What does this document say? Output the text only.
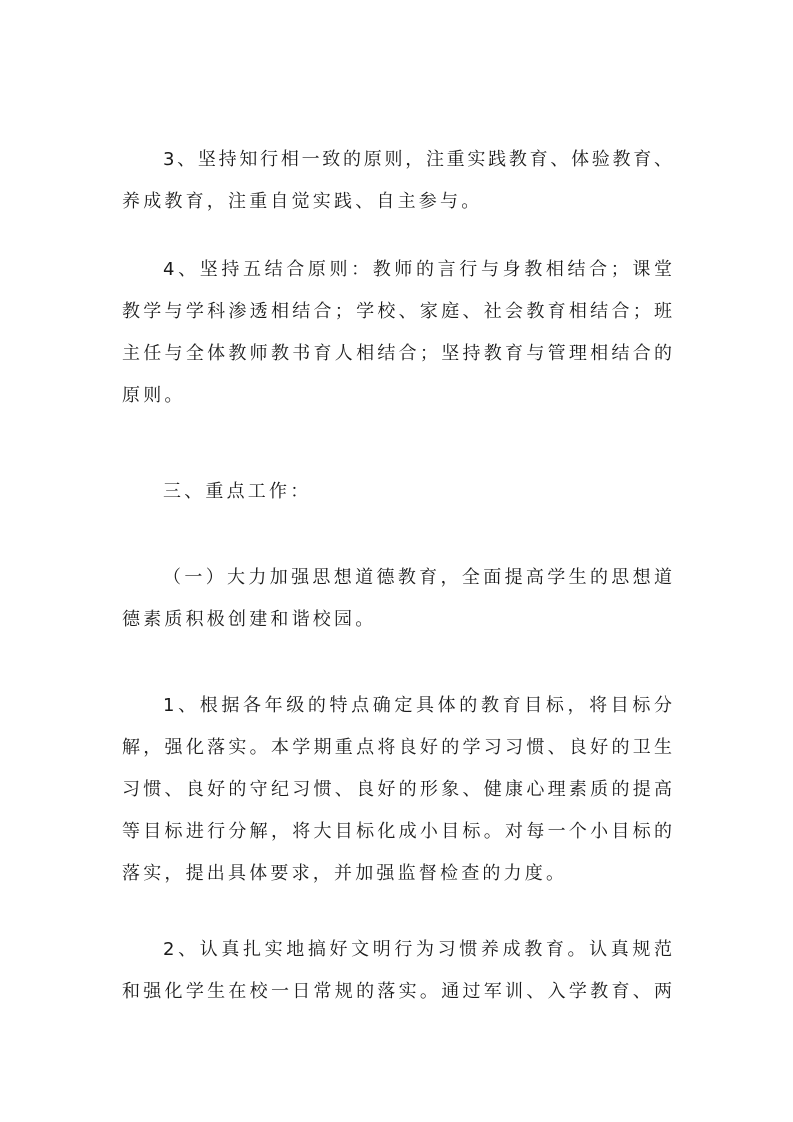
3、坚持知行相一致的原则，注重实践教育、体验教育、
养成教育，注重自觉实践、自主参与。
4、坚持五结合原则：教师的言行与身教相结合；课堂
教学与学科渗透相结合；学校、家庭、社会教育相结合；班
主任与全体教师教书育人相结合；坚持教育与管理相结合的
原则。
三、重点工作：
（一）大力加强思想道德教育，全面提高学生的思想道
德素质积极创建和谐校园。
1、根据各年级的特点确定具体的教育目标，将目标分
解，强化落实。本学期重点将良好的学习习惯、良好的卫生
习惯、良好的守纪习惯、良好的形象、健康心理素质的提高
等目标进行分解，将大目标化成小目标。对每一个小目标的
落实，提出具体要求，并加强监督检查的力度。
2、认真扎实地搞好文明行为习惯养成教育。认真规范
和强化学生在校一日常规的落实。通过军训、入学教育、两
